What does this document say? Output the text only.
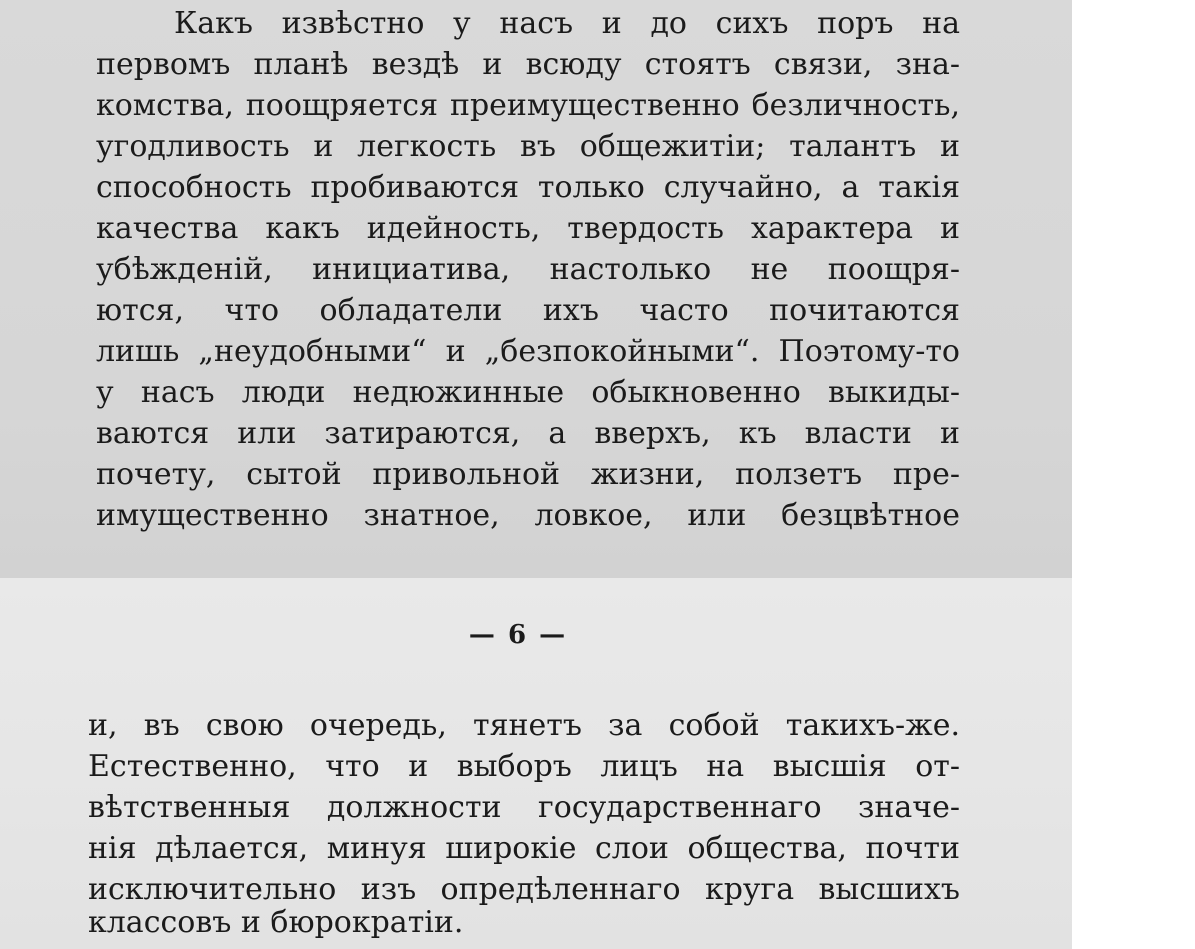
Какъ извѣстно у насъ и до сихъ поръ на
первомъ планѣ вездѣ и всюду стоятъ связи, зна-
комства, поощряется преимущественно безличность,
угодливость и легкость въ общежитіи; талантъ и
способность пробиваются только случайно, а такія
качества какъ идейность, твердость характера и
убѣжденій, инициатива, настолько не поощря-
ются, что обладатели ихъ часто почитаются
лишь „неудобными“ и „безпокойными“. Поэтому-то
у насъ люди недюжинные обыкновенно выкиды-
ваются или затираются, а вверхъ, къ власти и
почету, сытой привольной жизни, ползетъ пре-
имущественно знатное, ловкое, или безцвѣтное
— 6 —
и, въ свою очередь, тянетъ за собой такихъ-же.
Естественно, что и выборъ лицъ на высшія от-
вѣтственныя должности государственнаго значе-
нія дѣлается, минуя широкіе слои общества, почти
исключительно изъ опредѣленнаго круга высшихъ
классовъ и бюрократіи.
